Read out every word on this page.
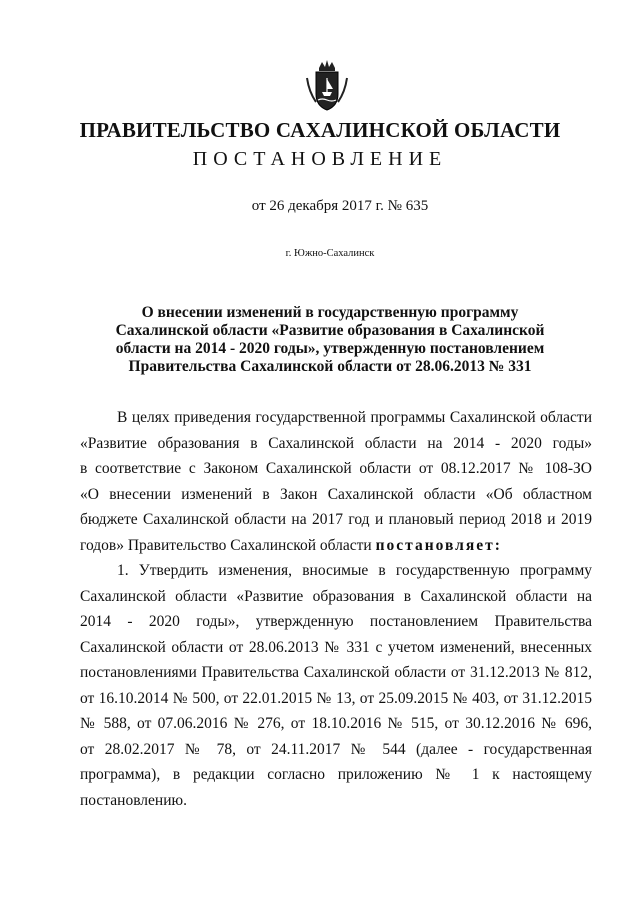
ПРАВИТЕЛЬСТВО САХАЛИНСКОЙ ОБЛАСТИ
ПОСТАНОВЛЕНИЕ
от 26 декабря 2017 г. № 635
г. Южно-Сахалинск
О внесении изменений в государственную программу
Сахалинской области «Развитие образования в Сахалинской
области на 2014 - 2020 годы», утвержденную постановлением
Правительства Сахалинской области от 28.06.2013 № 331
В целях приведения государственной программы Сахалинской области
«Развитие образования в Сахалинской области на 2014 - 2020 годы»
в соответствие с Законом Сахалинской области от 08.12.2017 № 108-ЗО
«О внесении изменений в Закон Сахалинской области «Об областном
бюджете Сахалинской области на 2017 год и плановый период 2018 и 2019
годов» Правительство Сахалинской области постановляет:
1. Утвердить изменения, вносимые в государственную программу
Сахалинской области «Развитие образования в Сахалинской области на
2014 - 2020 годы», утвержденную постановлением Правительства
Сахалинской области от 28.06.2013 № 331 с учетом изменений, внесенных
постановлениями Правительства Сахалинской области от 31.12.2013 № 812,
от 16.10.2014 № 500, от 22.01.2015 № 13, от 25.09.2015 № 403, от 31.12.2015
№ 588, от 07.06.2016 № 276, от 18.10.2016 № 515, от 30.12.2016 № 696,
от 28.02.2017 № 78, от 24.11.2017 № 544 (далее - государственная
программа), в редакции согласно приложению № 1 к настоящему
постановлению.
